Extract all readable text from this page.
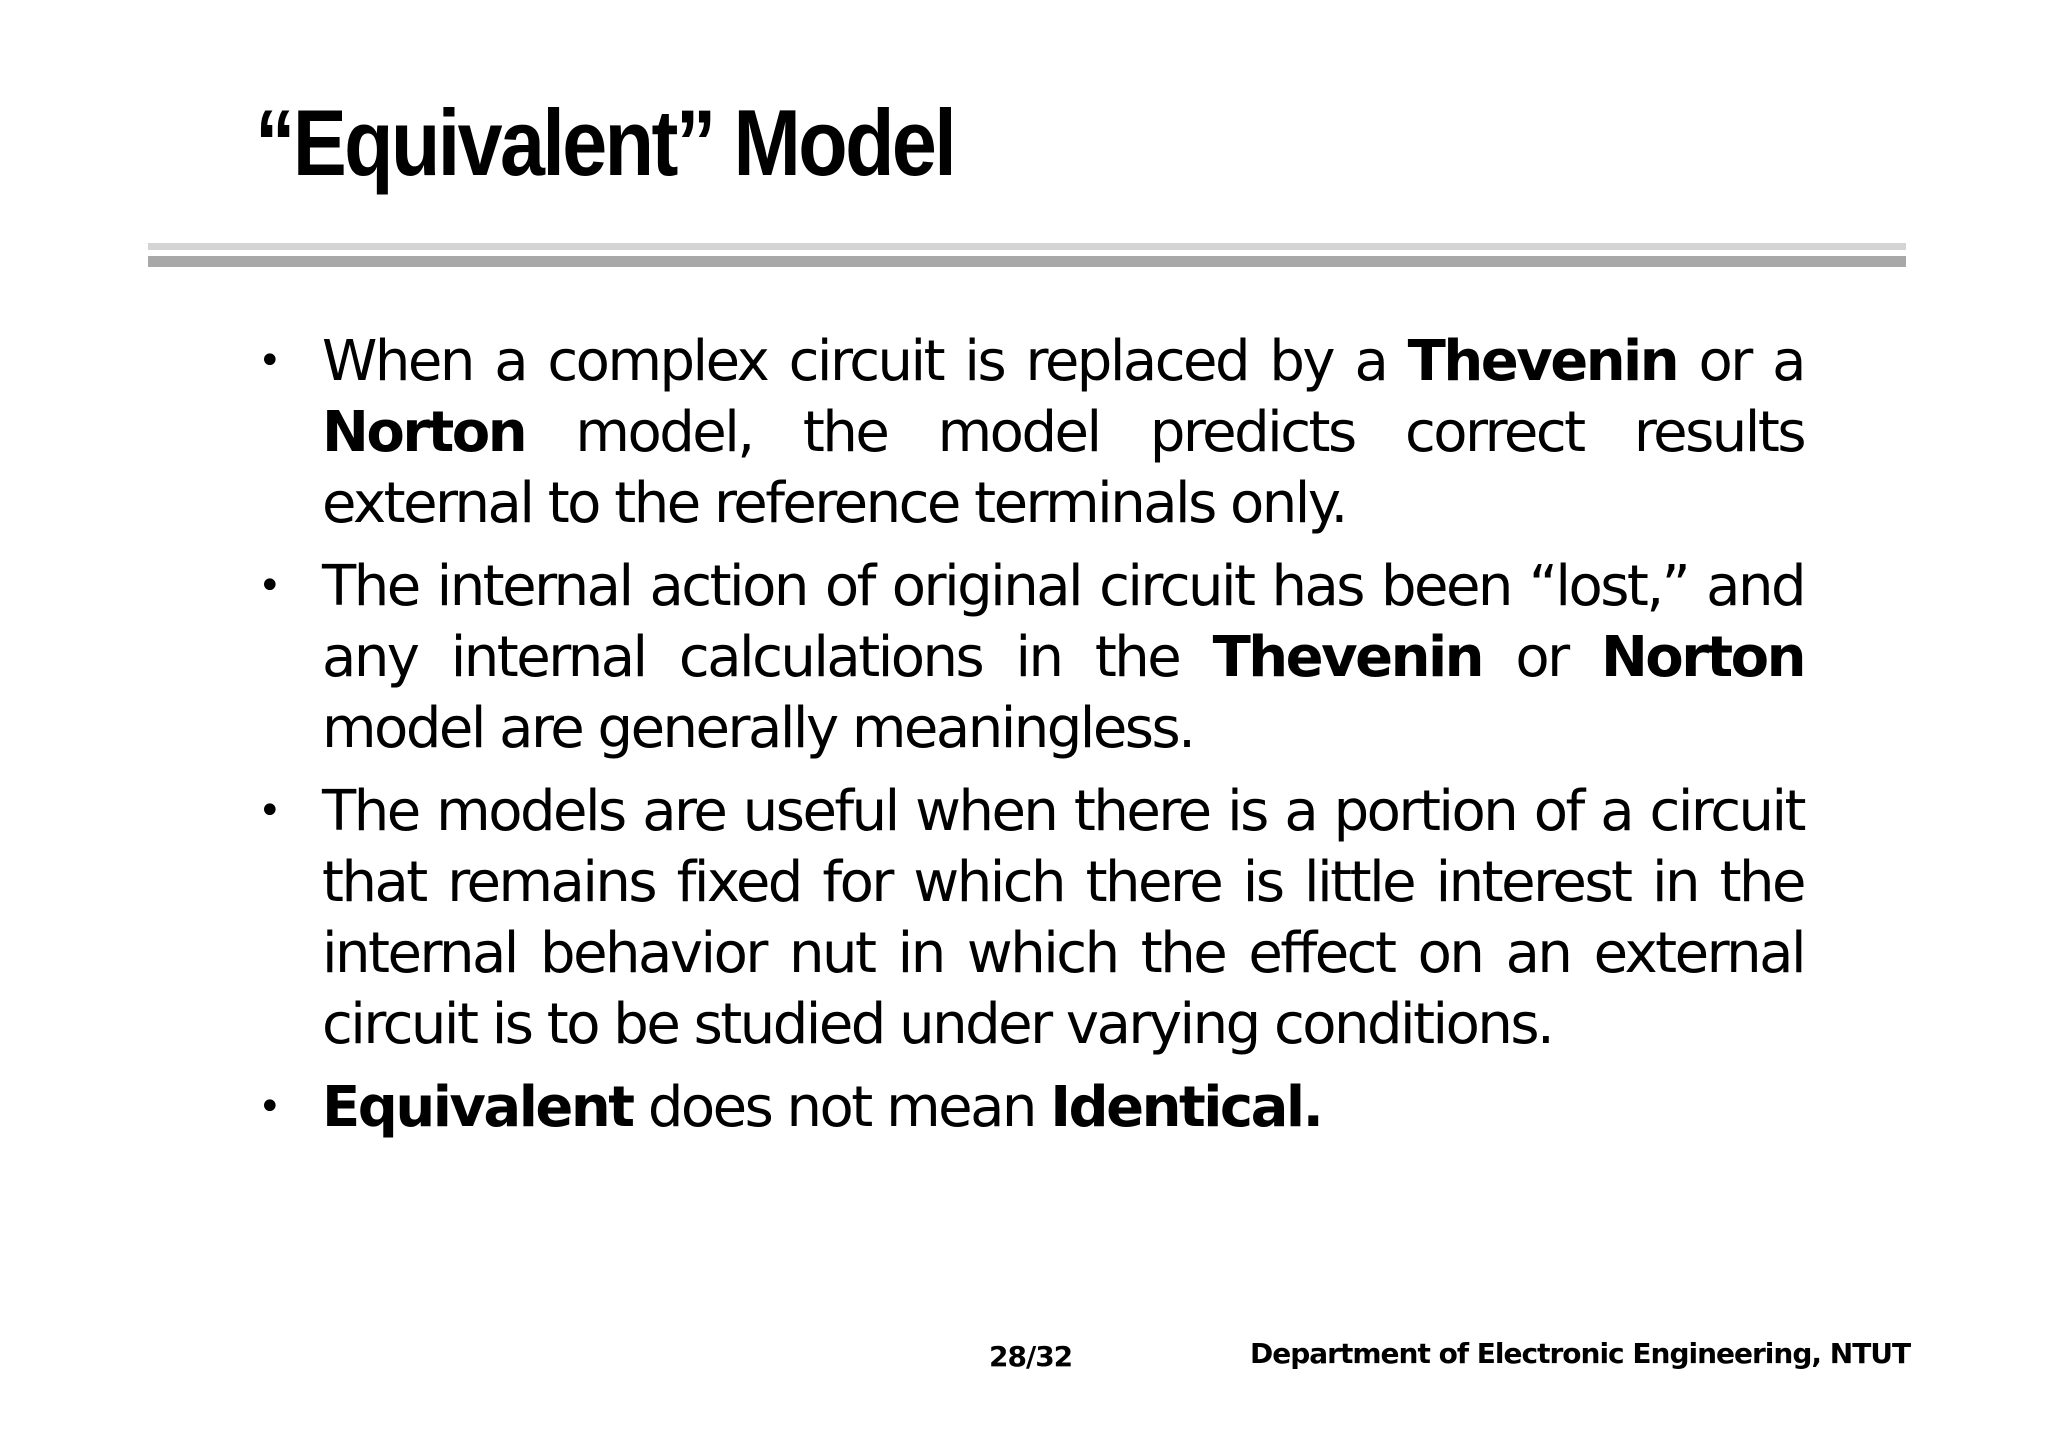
“Equivalent” Model
• When a complex circuit is replaced by a Thevenin or a Norton model, the model predicts correct results external to the reference terminals only.
• The internal action of original circuit has been “lost,” and any internal calculations in the Thevenin or Norton model are generally meaningless.
• The models are useful when there is a portion of a circuit that remains fixed for which there is little interest in the internal behavior nut in which the effect on an external circuit is to be studied under varying conditions.
• Equivalent does not mean Identical.
28/32	Department of Electronic Engineering, NTUT
